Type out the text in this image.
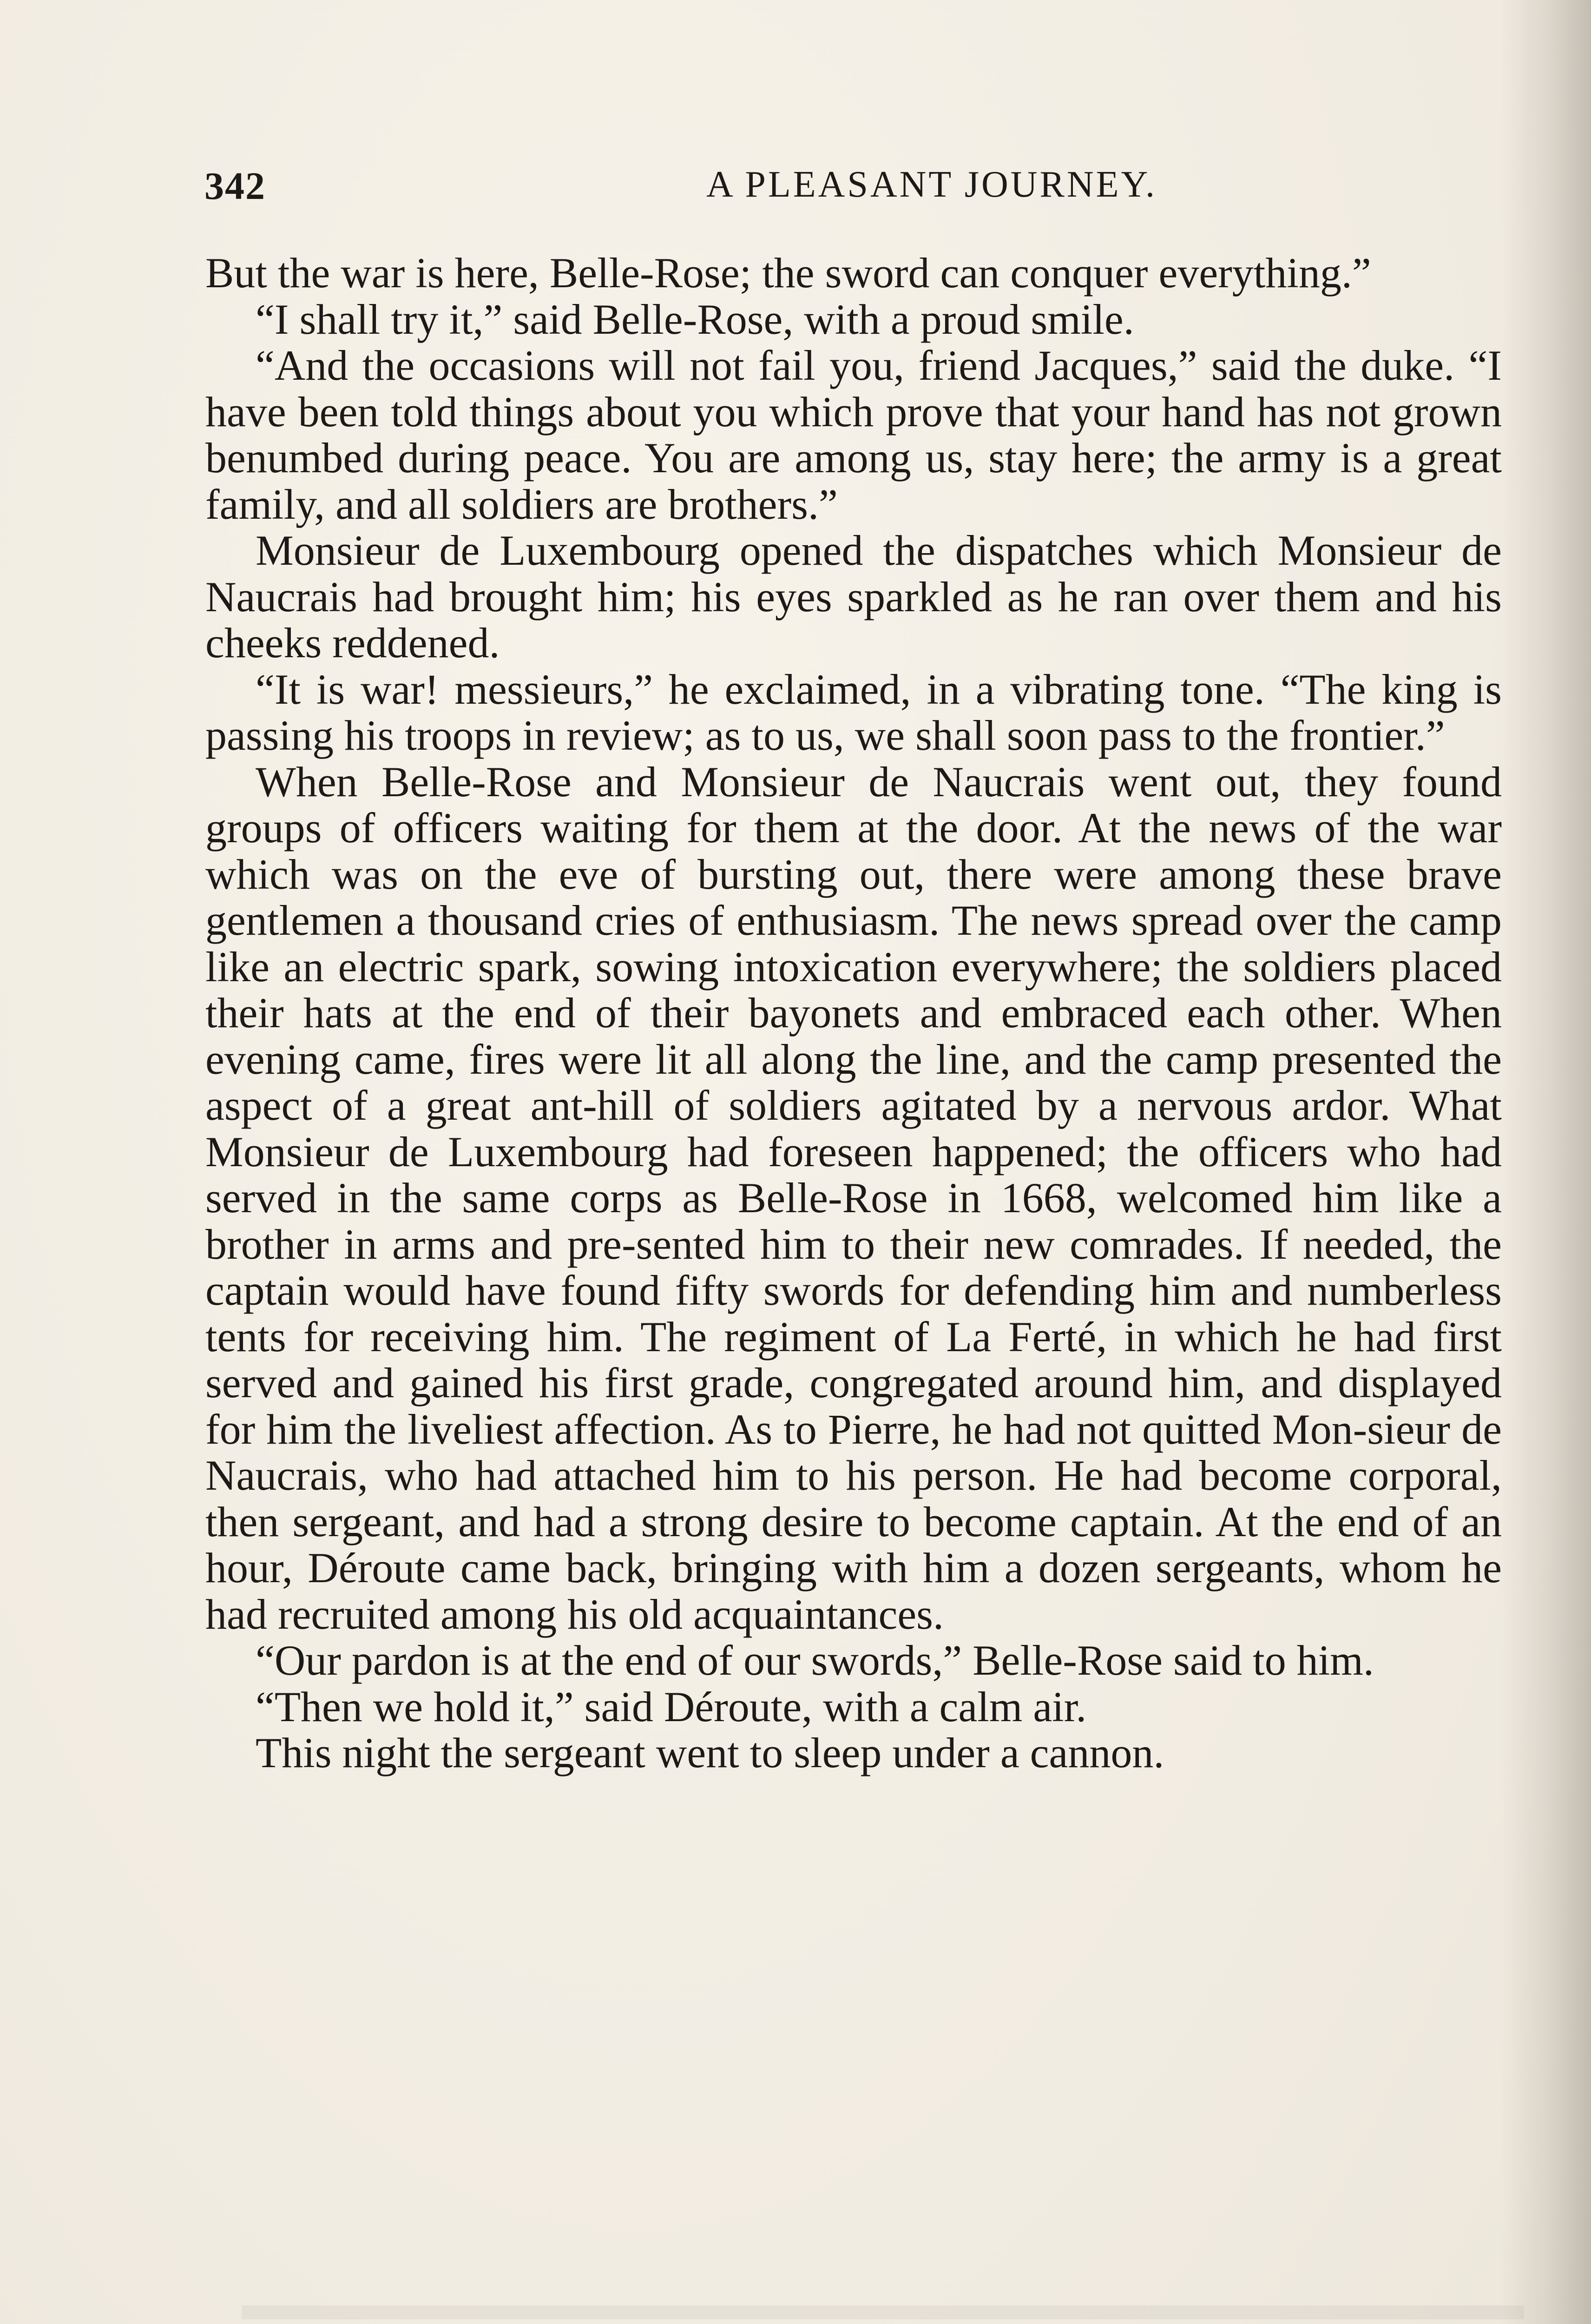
342	A PLEASANT JOURNEY.

But the war is here, Belle-Rose; the sword can conquer everything.”

“I shall try it,” said Belle-Rose, with a proud smile.

“And the occasions will not fail you, friend Jacques,” said the duke. “I have been told things about you which prove that your hand has not grown benumbed during peace. You are among us, stay here; the army is a great family, and all soldiers are brothers.”

Monsieur de Luxembourg opened the dispatches which Monsieur de Naucrais had brought him; his eyes sparkled as he ran over them and his cheeks reddened.

“It is war! messieurs,” he exclaimed, in a vibrating tone. “The king is passing his troops in review; as to us, we shall soon pass to the frontier.”

When Belle-Rose and Monsieur de Naucrais went out, they found groups of officers waiting for them at the door. At the news of the war which was on the eve of bursting out, there were among these brave gentlemen a thousand cries of enthusiasm. The news spread over the camp like an electric spark, sowing intoxication everywhere; the soldiers placed their hats at the end of their bayonets and embraced each other. When evening came, fires were lit all along the line, and the camp presented the aspect of a great ant-hill of soldiers agitated by a nervous ardor. What Monsieur de Luxembourg had foreseen happened; the officers who had served in the same corps as Belle-Rose in 1668, welcomed him like a brother in arms and pre-sented him to their new comrades. If needed, the captain would have found fifty swords for defending him and numberless tents for receiving him. The regiment of La Ferté, in which he had first served and gained his first grade, congregated around him, and displayed for him the liveliest affection. As to Pierre, he had not quitted Mon-sieur de Naucrais, who had attached him to his person. He had become corporal, then sergeant, and had a strong desire to become captain. At the end of an hour, Déroute came back, bringing with him a dozen sergeants, whom he had recruited among his old acquaintances.

“Our pardon is at the end of our swords,” Belle-Rose said to him.

“Then we hold it,” said Déroute, with a calm air.

This night the sergeant went to sleep under a cannon.
